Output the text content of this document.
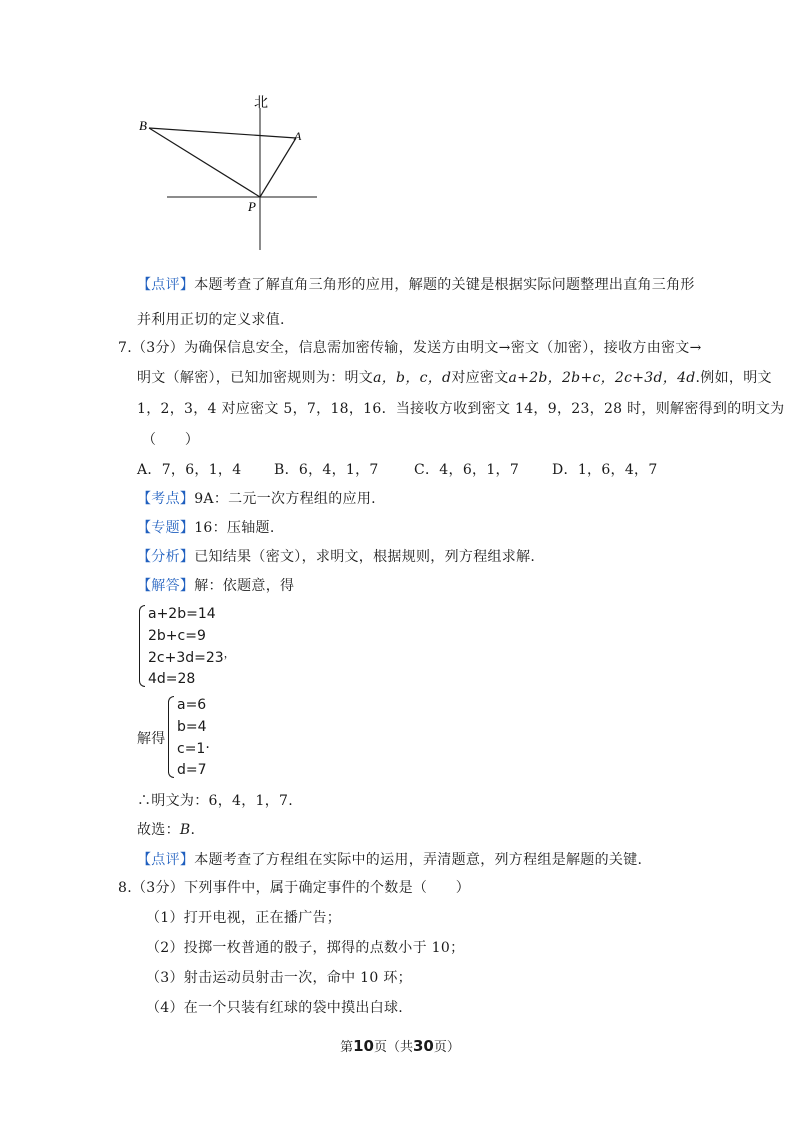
北
B
A
P
【点评】本题考查了解直角三角形的应用，解题的关键是根据实际问题整理出直角三角形
并利用正切的定义求值.
7.（3分）为确保信息安全，信息需加密传输，发送方由明文→密文（加密），接收方由密文→
明文（解密），已知加密规则为：明文a，b，c，d对应密文a+2b，2b+c，2c+3d，4d.例如，明文
1，2，3，4 对应密文 5，7，18，16．当接收方收到密文 14，9，23，28 时，则解密得到的明文为
（　　）
A．7，6，1，4 B．6，4，1，7	C．4，6，1，7 D．1，6，4，7
【考点】9A：二元一次方程组的应用.
【专题】16：压轴题.
【分析】已知结果（密文），求明文，根据规则，列方程组求解.
【解答】解：依题意，得
a+2b=14
2b+c=9
2c+3d=23，
4d=28
解得
a=6
b=4
c=1.
d=7
∴明文为：6，4，1，7.
故选：B.
【点评】本题考查了方程组在实际中的运用，弄清题意，列方程组是解题的关键.
8.（3分）下列事件中，属于确定事件的个数是（　　）
（1）打开电视，正在播广告；
（2）投掷一枚普通的骰子，掷得的点数小于 10；
（3）射击运动员射击一次，命中 10 环；
（4）在一个只装有红球的袋中摸出白球.
第10页（共30页）
